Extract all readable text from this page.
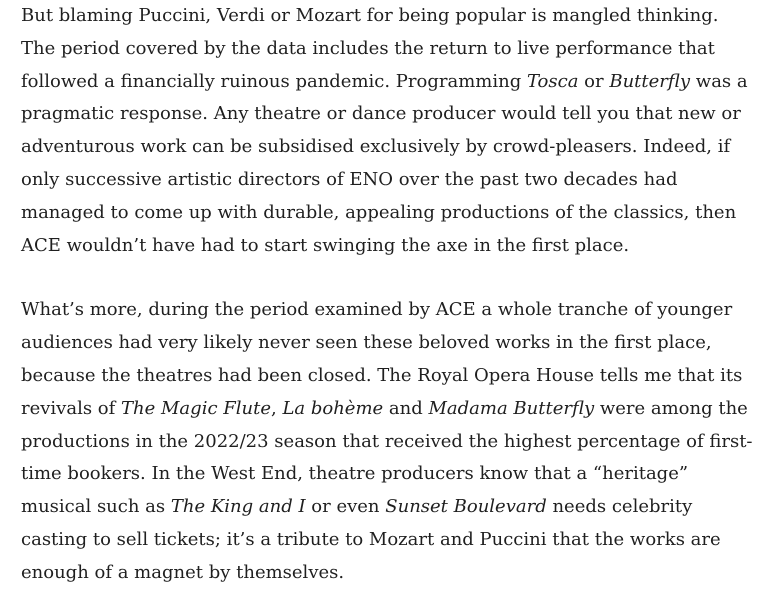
But blaming Puccini, Verdi or Mozart for being popular is mangled thinking. The period covered by the data includes the return to live performance that followed a financially ruinous pandemic. Programming Tosca or Butterfly was a pragmatic response. Any theatre or dance producer would tell you that new or adventurous work can be subsidised exclusively by crowd-pleasers. Indeed, if only successive artistic directors of ENO over the past two decades had managed to come up with durable, appealing productions of the classics, then ACE wouldn’t have had to start swinging the axe in the first place.

What’s more, during the period examined by ACE a whole tranche of younger audiences had very likely never seen these beloved works in the first place, because the theatres had been closed. The Royal Opera House tells me that its revivals of The Magic Flute, La bohème and Madama Butterfly were among the productions in the 2022/23 season that received the highest percentage of first-time bookers. In the West End, theatre producers know that a “heritage” musical such as The King and I or even Sunset Boulevard needs celebrity casting to sell tickets; it’s a tribute to Mozart and Puccini that the works are enough of a magnet by themselves.
